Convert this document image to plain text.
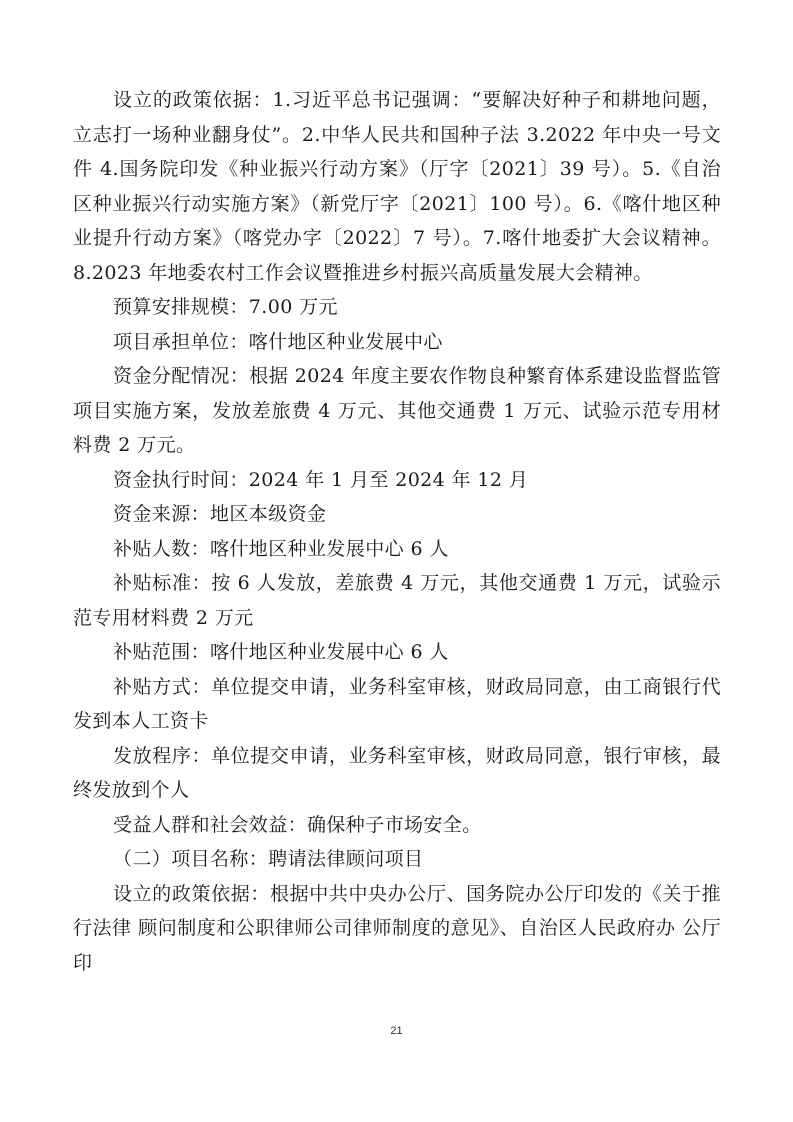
设立的政策依据：1.习近平总书记强调：“要解决好种子和耕地问题，立志打一场种业翻身仗”。2.中华人民共和国种子法 3.2022 年中央一号文件 4.国务院印发《种业振兴行动方案》（厅字〔2021〕39 号）。5.《自治区种业振兴行动实施方案》（新党厅字〔2021〕100 号）。6.《喀什地区种业提升行动方案》（喀党办字〔2022〕7 号）。7.喀什地委扩大会议精神。8.2023 年地委农村工作会议暨推进乡村振兴高质量发展大会精神。

预算安排规模：7.00 万元

项目承担单位：喀什地区种业发展中心

资金分配情况：根据 2024 年度主要农作物良种繁育体系建设监督监管项目实施方案，发放差旅费 4 万元、其他交通费 1 万元、试验示范专用材料费 2 万元。

资金执行时间：2024 年 1 月至 2024 年 12 月

资金来源：地区本级资金

补贴人数：喀什地区种业发展中心 6 人

补贴标准：按 6 人发放，差旅费 4 万元，其他交通费 1 万元，试验示范专用材料费 2 万元

补贴范围：喀什地区种业发展中心 6 人

补贴方式：单位提交申请，业务科室审核，财政局同意，由工商银行代发到本人工资卡

发放程序：单位提交申请，业务科室审核，财政局同意，银行审核，最终发放到个人

受益人群和社会效益：确保种子市场安全。

（二）项目名称：聘请法律顾问项目

设立的政策依据：根据中共中央办公厅、国务院办公厅印发的《关于推行法律 顾问制度和公职律师公司律师制度的意见》、自治区人民政府办 公厅印

21
